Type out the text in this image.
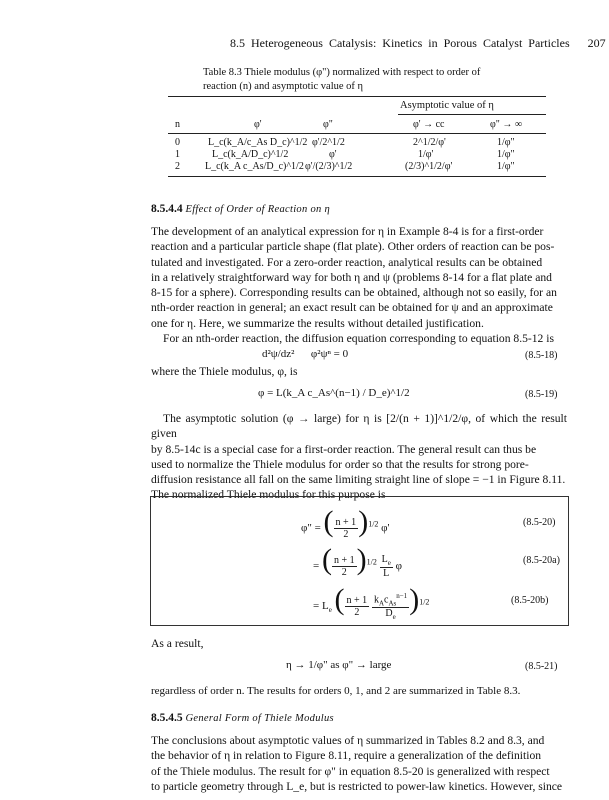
8.5 Heterogeneous Catalysis: Kinetics in Porous Catalyst Particles 207
Table 8.3 Thiele modulus (φ") normalized with respect to order of reaction (n) and asymptotic value of η
Asymptotic value of η
n	φ'	φ"	φ' → cc	φ" → ∞
0	L_c(k_A/c_As D_c)^1/2 φ'/2^1/2	2^1/2/φ'	1/φ"
1	L_c(k_A/D_c)^1/2	φ'	1/φ'	1/φ"
2	L_c(k_A c_As/D_c)^1/2 φ'/(2/3)^1/2	(2/3)^1/2/φ'	1/φ"
8.5.4.4 Effect of Order of Reaction on η
The development of an analytical expression for η in Example 8-4 is for a first-order
reaction and a particular particle shape (flat plate). Other orders of reaction can be pos-
tulated and investigated. For a zero-order reaction, analytical results can be obtained
in a relatively straightforward way for both η and ψ (problems 8-14 for a flat plate and
8-15 for a sphere). Corresponding results can be obtained, although not so easily, for an
nth-order reaction in general; an exact result can be obtained for ψ and an approximate
one for η. Here, we summarize the results without detailed justification.
For an nth-order reaction, the diffusion equation corresponding to equation 8.5-12 is
d²ψ/dz² φ²ψⁿ = 0	(8.5-18)
where the Thiele modulus, φ, is
φ = L(k_A c_As^(n−1) / D_e)^1/2	(8.5-19)
The asymptotic solution (φ → large) for η is [2/(n + 1)]^1/2/φ, of which the result given
by 8.5-14c is a special case for a first-order reaction. The general result can thus be
used to normalize the Thiele modulus for order so that the results for strong pore-
diffusion resistance all fall on the same limiting straight line of slope = −1 in Figure 8.11.
The normalized Thiele modulus for this purpose is
φ" = ( $\frac{n + 1}{2} )^{1/2}$ φ'	(8.5-20)
= ( $\frac{n + 1}{2} )^{1/2} \frac{L_e}{L}$ φ	(8.5-20a)
= $L_e$ ( $\frac{n + 1}{2}$
$\frac{k_Ac_{As}^{n-1}}{D_e} )^{1/2}$	(8.5-20b)
As a result,
η → 1/φ" as φ" → large	(8.5-21)
regardless of order n. The results for orders 0, 1, and 2 are summarized in Table 8.3.
8.5.4.5 General Form of Thiele Modulus
The conclusions about asymptotic values of η summarized in Tables 8.2 and 8.3, and
the behavior of η in relation to Figure 8.11, require a generalization of the definition
of the Thiele modulus. The result for φ" in equation 8.5-20 is generalized with respect
to particle geometry through L_e, but is restricted to power-law kinetics. However, since
